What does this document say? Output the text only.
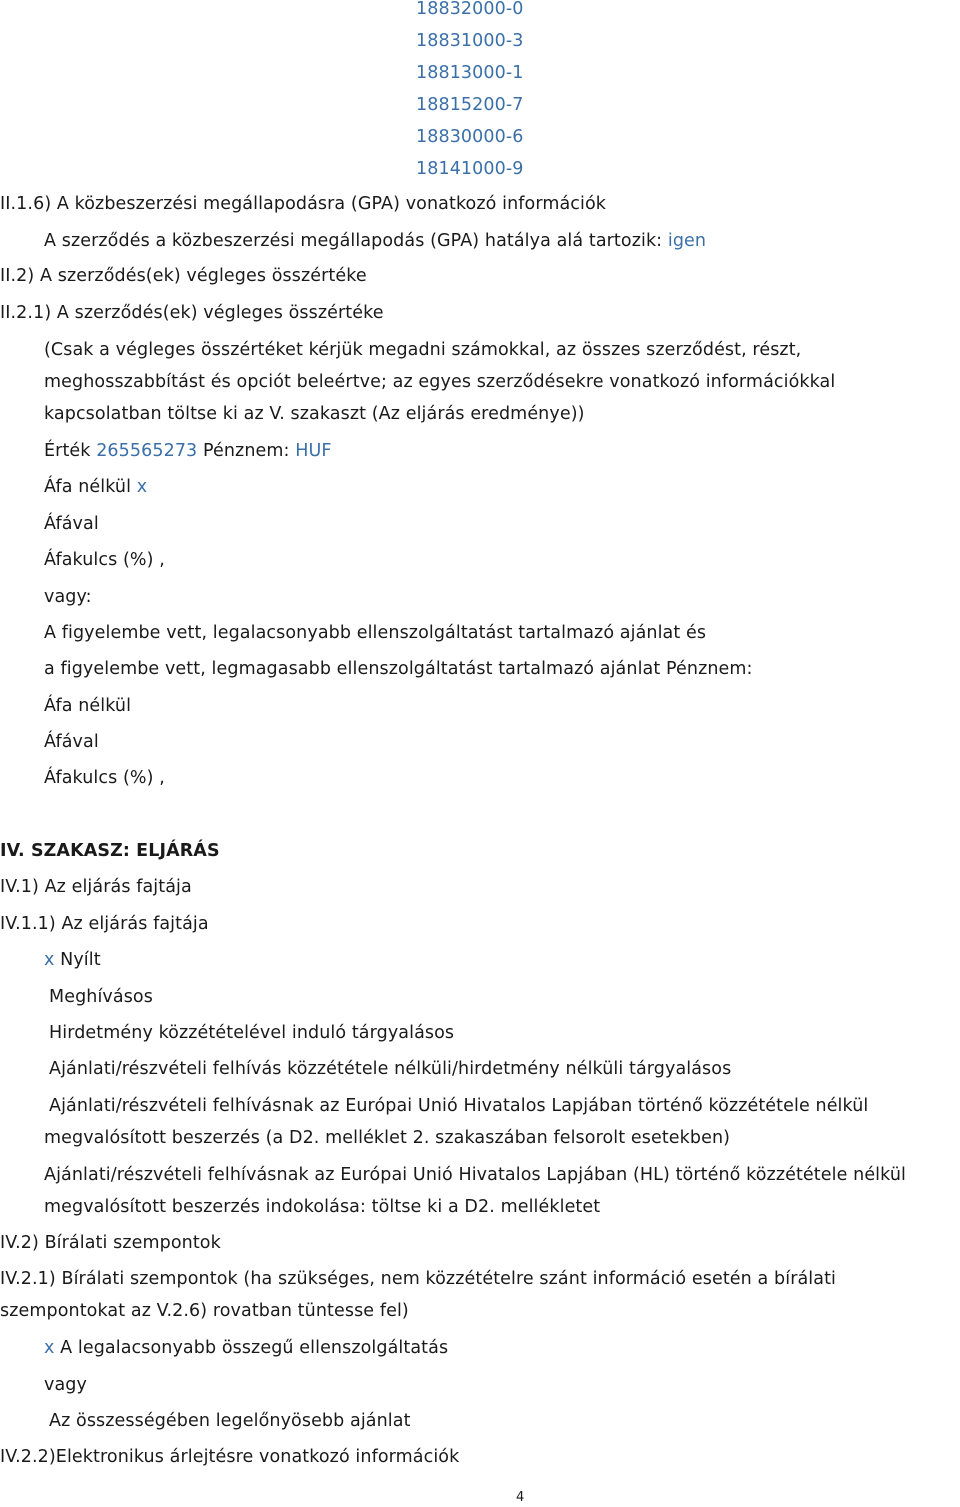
18832000-0
18831000-3
18813000-1
18815200-7
18830000-6
18141000-9
II.1.6) A közbeszerzési megállapodásra (GPA) vonatkozó információk
A szerződés a közbeszerzési megállapodás (GPA) hatálya alá tartozik: igen
II.2) A szerződés(ek) végleges összértéke
II.2.1) A szerződés(ek) végleges összértéke
(Csak a végleges összértéket kérjük megadni számokkal, az összes szerződést, részt,
meghosszabbítást és opciót beleértve; az egyes szerződésekre vonatkozó információkkal
kapcsolatban töltse ki az V. szakaszt (Az eljárás eredménye))
Érték 265565273 Pénznem: HUF
Áfa nélkül x
Áfával
Áfakulcs (%) ,
vagy:
A figyelembe vett, legalacsonyabb ellenszolgáltatást tartalmazó ajánlat és
a figyelembe vett, legmagasabb ellenszolgáltatást tartalmazó ajánlat Pénznem:
Áfa nélkül
Áfával
Áfakulcs (%) ,
IV. SZAKASZ: ELJÁRÁS
IV.1) Az eljárás fajtája
IV.1.1) Az eljárás fajtája
x Nyílt
Meghívásos
Hirdetmény közzétételével induló tárgyalásos
Ajánlati/részvételi felhívás közzététele nélküli/hirdetmény nélküli tárgyalásos
Ajánlati/részvételi felhívásnak az Európai Unió Hivatalos Lapjában történő közzététele nélkül
megvalósított beszerzés (a D2. melléklet 2. szakaszában felsorolt esetekben)
Ajánlati/részvételi felhívásnak az Európai Unió Hivatalos Lapjában (HL) történő közzététele nélkül
megvalósított beszerzés indokolása: töltse ki a D2. mellékletet
IV.2) Bírálati szempontok
IV.2.1) Bírálati szempontok (ha szükséges, nem közzétételre szánt információ esetén a bírálati
szempontokat az V.2.6) rovatban tüntesse fel)
x A legalacsonyabb összegű ellenszolgáltatás
vagy
Az összességében legelőnyösebb ajánlat
IV.2.2)Elektronikus árlejtésre vonatkozó információk
4
